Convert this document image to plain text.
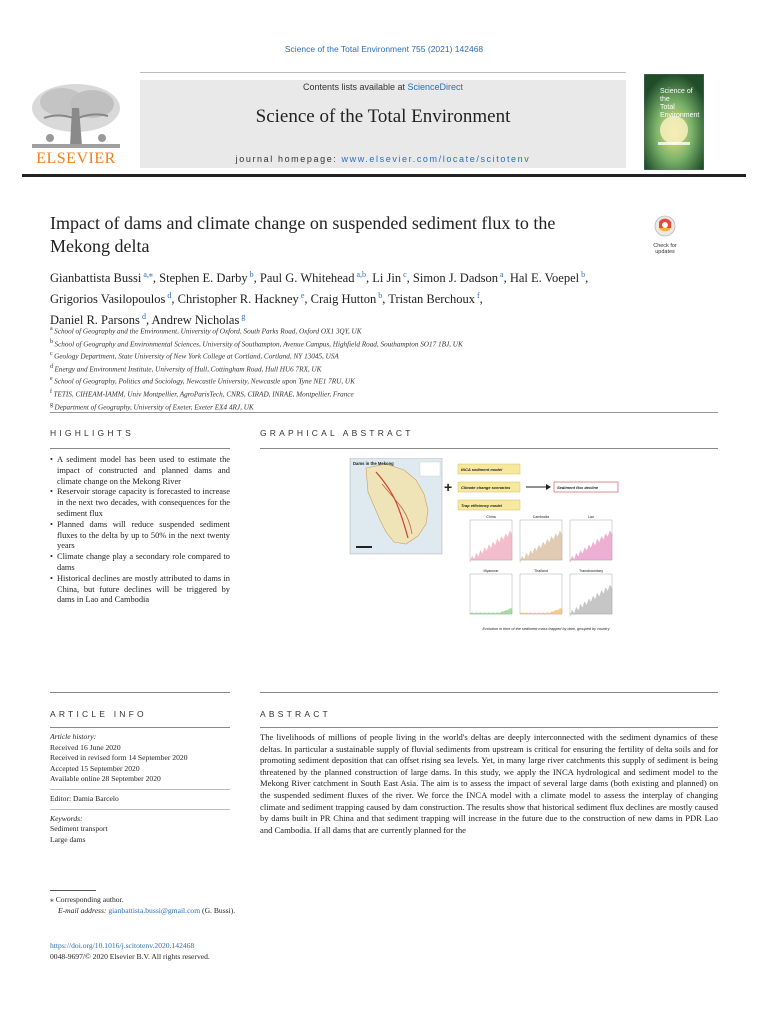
Science of the Total Environment 755 (2021) 142468
Contents lists available at ScienceDirect
Science of the Total Environment
journal homepage: www.elsevier.com/locate/scitotenv
ELSEVIER
Science of the
Total Environment
Impact of dams and climate change on suspended sediment flux to the Mekong delta	Check for
updates
Gianbattista Bussi $^{a,⁎}$, Stephen E. Darby $^b$, Paul G. Whitehead $^{a,b}$, Li Jin $^c$, Simon J. Dadson $^a$, Hal E. Voepel $^b$,
Grigorios Vasilopoulos $^d$, Christopher R. Hackney $^e$, Craig Hutton $^b$, Tristan Berchoux $^f$,
Daniel R. Parsons $^d$, Andrew Nicholas $^g$
$^a$ School of Geography and the Environment, University of Oxford, South Parks Road, Oxford OX1 3QY, UK
$^b$ School of Geography and Environmental Sciences, University of Southampton, Avenue Campus, Highfield Road, Southampton SO17 1BJ, UK
$^c$ Geology Department, State University of New York College at Cortland, Cortland, NY 13045, USA
$^d$ Energy and Environment Institute, University of Hull, Cottingham Road, Hull HU6 7RX, UK
$^e$ School of Geography, Politics and Sociology, Newcastle University, Newcastle upon Tyne NE1 7RU, UK
$^f$ TETIS, CIHEAM-IAMM, Univ Montpellier, AgroParisTech, CNRS, CIRAD, INRAE, Montpellier, France
$^g$ Department of Geography, University of Exeter, Exeter EX4 4RJ, UK
HIGHLIGHTS
• A sediment model has been used to estimate the impact of constructed and planned dams and climate change on the Mekong River
• Reservoir storage capacity is forecasted to increase in the next two decades, with consequences for the sediment flux
• Planned dams will reduce suspended sediment fluxes to the delta by up to 50% in the next twenty years
• Climate change play a secondary role compared to dams
• Historical declines are mostly attributed to dams in China, but future declines will be triggered by dams in Lao and Cambodia
GRAPHICAL ABSTRACT
Dams in the Mekong
INCA sediment model
Climate change scenarios
Trap efficiency model
+	Sediment flux decline
China	Cambodia	Lao
Myanmar	Thailand	Transboundary
Evolution in time of the sediment mass trapped by dam, grouped by country
ARTICLE INFO
Article history:
Received 16 June 2020
Received in revised form 14 September 2020
Accepted 15 September 2020
Available online 28 September 2020
Editor: Damia Barcelo
Keywords:
Sediment transport
Large dams
ABSTRACT
The livelihoods of millions of people living in the world's deltas are deeply interconnected with the sediment dynamics of these deltas. In particular a sustainable supply of fluvial sediments from upstream is critical for ensuring the fertility of delta soils and for promoting sediment deposition that can offset rising sea levels. Yet, in many large river catchments this supply of sediment is being threatened by the planned construction of large dams. In this study, we apply the INCA hydrological and sediment model to the Mekong River catchment in South East Asia. The aim is to assess the impact of several large dams (both existing and planned) on the suspended sediment fluxes of the river. We force the INCA model with a climate model to assess the interplay of changing climate and sediment trapping caused by dam construction. The results show that historical sediment flux declines are mostly caused by dams built in PR China and that sediment trapping will increase in the future due to the construction of new dams in PDR Lao and Cambodia. If all dams that are currently planned for the
⁎ Corresponding author.
E-mail address: gianbattista.bussi@gmail.com (G. Bussi).
https://doi.org/10.1016/j.scitotenv.2020.142468
0048-9697/© 2020 Elsevier B.V. All rights reserved.
